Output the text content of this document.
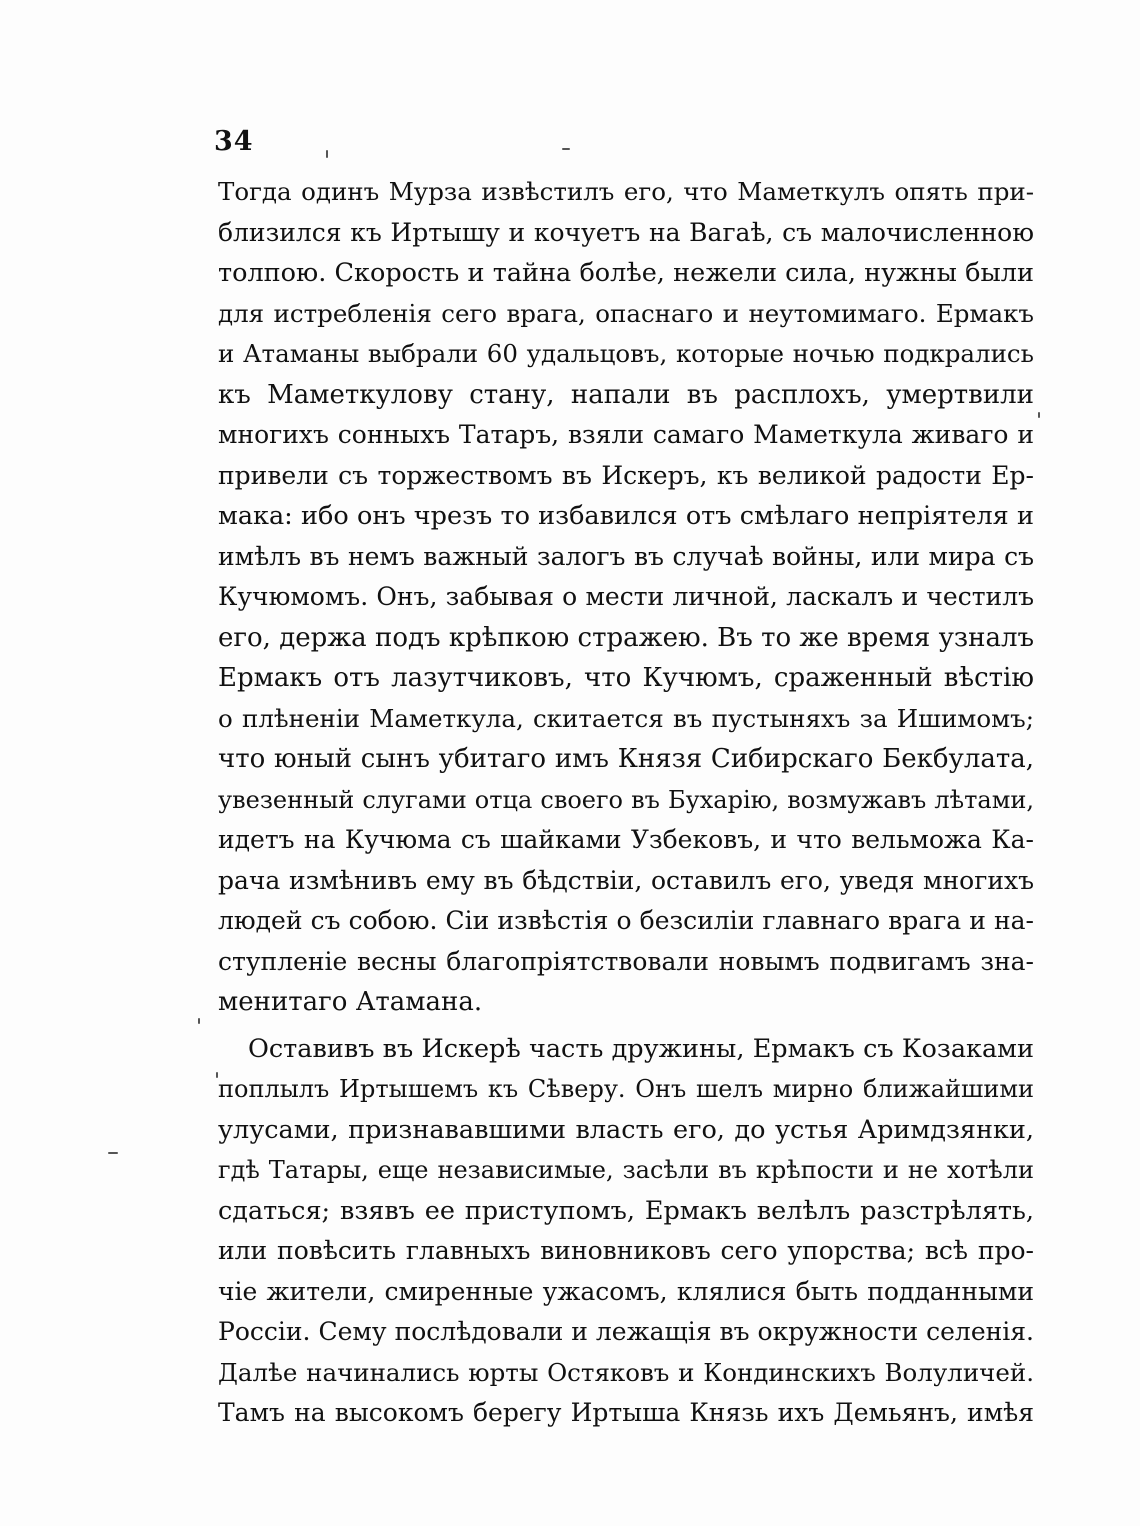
34
Тогда одинъ Мурза извѣстилъ его, что Маметкулъ опять при-
близился къ Иртышу и кочуетъ на Вагаѣ, съ малочисленною
толпою. Скорость и тайна болѣе, нежели сила, нужны были
для истребленія сего врага, опаснаго и неутомимаго. Ермакъ
и Атаманы выбрали 60 удальцовъ, которые ночью подкрались
къ Маметкулову стану, напали въ расплохъ, умертвили
многихъ сонныхъ Татаръ, взяли самаго Маметкула живаго и
привели съ торжествомъ въ Искеръ, къ великой радости Ер-
мака: ибо онъ чрезъ то избавился отъ смѣлаго непріятеля и
имѣлъ въ немъ важный залогъ въ случаѣ войны, или мира съ
Кучюмомъ. Онъ, забывая о мести личной, ласкалъ и честилъ
его, держа подъ крѣпкою стражею. Въ то же время узналъ
Ермакъ отъ лазутчиковъ, что Кучюмъ, сраженный вѣстію
о плѣненіи Маметкула, скитается въ пустыняхъ за Ишимомъ;
что юный сынъ убитаго имъ Князя Сибирскаго Бекбулата,
увезенный слугами отца своего въ Бухарію, возмужавъ лѣтами,
идетъ на Кучюма съ шайками Узбековъ, и что вельможа Ка-
рача измѣнивъ ему въ бѣдствіи, оставилъ его, уведя многихъ
людей съ собою. Сіи извѣстія о безсиліи главнаго врага и на-
ступленіе весны благопріятствовали новымъ подвигамъ зна-
менитаго Атамана.
Оставивъ въ Искерѣ часть дружины, Ермакъ съ Козаками
поплылъ Иртышемъ къ Сѣверу. Онъ шелъ мирно ближайшими
улусами, признававшими власть его, до устья Аримдзянки,
гдѣ Татары, еще независимые, засѣли въ крѣпости и не хотѣли
сдаться; взявъ ее приступомъ, Ермакъ велѣлъ разстрѣлять,
или повѣсить главныхъ виновниковъ сего упорства; всѣ про-
чіе жители, смиренные ужасомъ, клялися быть подданными
Россіи. Сему послѣдовали и лежащія въ окружности селенія.
Далѣе начинались юрты Остяковъ и Кондинскихъ Волуличей.
Тамъ на высокомъ берегу Иртыша Князь ихъ Демьянъ, имѣя
